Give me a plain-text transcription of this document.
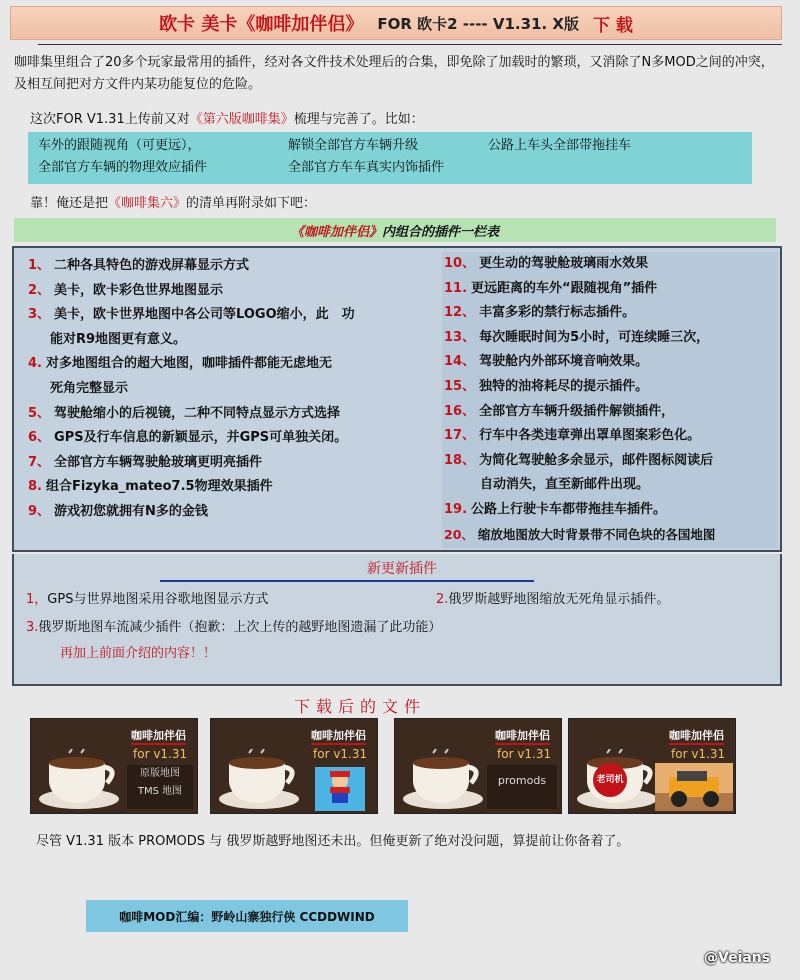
欧卡 美卡《咖啡加伴侣》 FOR 欧卡2 ---- V1.31. X版 下 载
咖啡集里组合了20多个玩家最常用的插件，经对各文件技术处理后的合集，即免除了加载时的繁琐，又消除了N多MOD之间的冲突，及相互间把对方文件内某功能复位的危险。
这次FOR V1.31上传前又对《第六版咖啡集》梳理与完善了。比如：
车外的跟随视角（可更远），	解锁全部官方车辆升级	公路上车头全部带拖挂车
全部官方车辆的物理效应插件	全部官方车车真实内饰插件
靠！俺还是把《咖啡集六》的清单再附录如下吧：
《咖啡加伴侣》 内组合的插件一栏表
1、 二种各具特色的游戏屏幕显示方式
2、 美卡，欧卡彩色世界地图显示
3、 美卡，欧卡世界地图中各公司等LOGO缩小，此　功
能对R9地图更有意义。
4. 对多地图组合的超大地图，咖啡插件都能无虑地无
死角完整显示
5、 驾驶舱缩小的后视镜，二种不同特点显示方式选择
6、 GPS及行车信息的新颖显示，并GPS可单独关闭。
7、 全部官方车辆驾驶舱玻璃更明亮插件
8. 组合Fizyka_mateo7.5物理效果插件
9、 游戏初您就拥有N多的金钱
10、 更生动的驾驶舱玻璃雨水效果
11. 更远距离的车外“跟随视角”插件
12、 丰富多彩的禁行标志插件。
13、 每次睡眠时间为5小时，可连续睡三次，
14、 驾驶舱内外部环境音响效果。
15、 独特的油将耗尽的提示插件。
16、 全部官方车辆升级插件解锁插件，
17、 行车中各类违章弹出罩单图案彩色化。
18、 为简化驾驶舱多余显示，邮件图标阅读后
自动消失，直至新邮件出现。
19. 公路上行驶卡车都带拖挂车插件。
20、 缩放地图放大时背景带不同色块的各国地图
新更新插件
1，GPS与世界地图采用谷歌地图显示方式	2.俄罗斯越野地图缩放无死角显示插件。
3.俄罗斯地图车流减少插件（抱歉：上次上传的越野地图遗漏了此功能）
再加上前面介绍的内容！！
下载后的文件
咖啡加伴侣
for v1.31
原版地图
TMS 地图
咖啡加伴侣
for v1.31
咖啡加伴侣
for v1.31
promods	老司机
咖啡加伴侣
for v1.31
尽管 V1.31 版本 PROMODS 与 俄罗斯越野地图还未出。但俺更新了绝对没问题，算提前让你备着了。
咖啡MOD汇编：野岭山寨独行侠 CCDDWIND
@Veians
